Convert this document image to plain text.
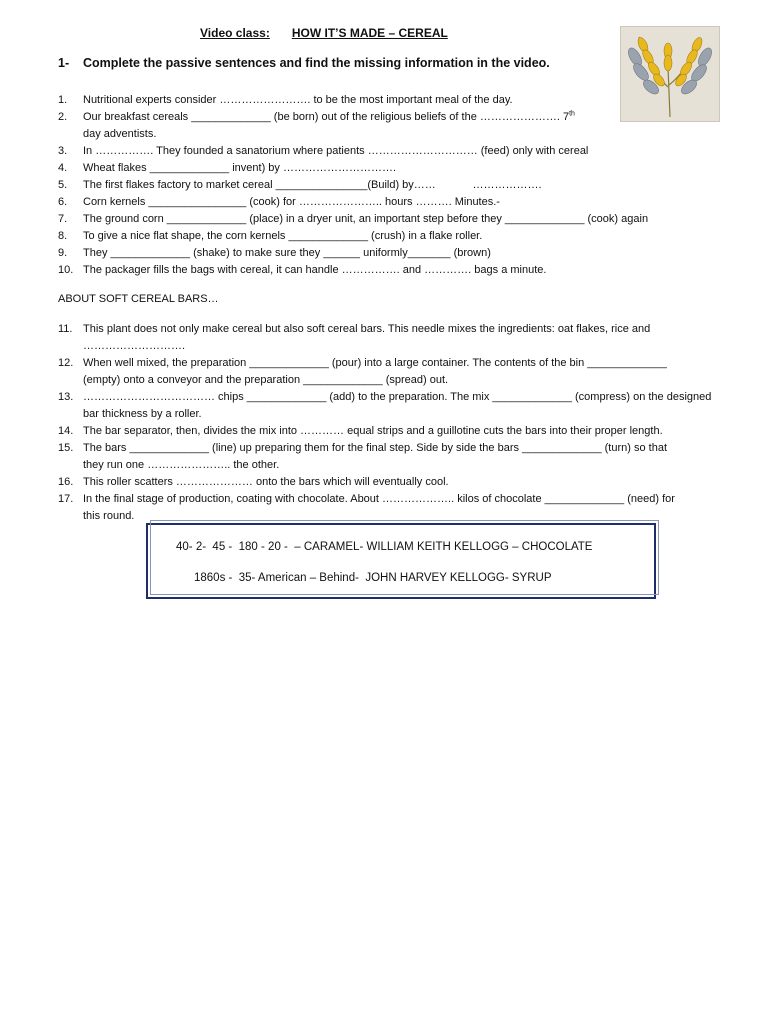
Video class: HOW IT’S MADE – CEREAL
1- Complete the passive sentences and find the missing information in the video.
1.	Nutritional experts consider ……………………. to be the most important meal of the day.
2.	Our breakfast cereals _____________ (be born) out of the religious beliefs of the …………………. 7th
day adventists.
3.	In ……………. They founded a sanatorium where patients ………………………… (feed) only with cereal
4.	Wheat flakes _____________ invent) by ………………………….
5.	The first flakes factory to market cereal _______________(Build) by……            ……………….
6.	Corn kernels ________________ (cook) for ………………….. hours ………. Minutes.-
7.	The ground corn _____________ (place) in a dryer unit, an important step before they _____________ (cook) again
8.	To give a nice flat shape, the corn kernels _____________ (crush) in a flake roller.
9.	They _____________ (shake) to make sure they ______ uniformly_______ (brown)
10. The packager fills the bags with cereal, it can handle ……………. and …………. bags a minute.
ABOUT SOFT CEREAL BARS…
11. This plant does not only make cereal but also soft cereal bars. This needle mixes the ingredients: oat flakes, rice and
……………………….
12. When well mixed, the preparation _____________ (pour) into a large container. The contents of the bin _____________
(empty) onto a conveyor and the preparation _____________ (spread) out.
13. ……………………………… chips _____________ (add) to the preparation. The mix _____________ (compress) on the designed
bar thickness by a roller.
14. The bar separator, then, divides the mix into ………… equal strips and a guillotine cuts the bars into their proper length.
15. The bars _____________ (line) up preparing them for the final step. Side by side the bars _____________ (turn) so that
they run one ………………….. the other.
16. This roller scatters ………………… onto the bars which will eventually cool.
17. In the final stage of production, coating with chocolate. About ……………….. kilos of chocolate _____________ (need) for
this round.
40- 2-  45 -  180 - 20 -  – CARAMEL- WILLIAM KEITH KELLOGG – CHOCOLATE
1860s -  35- American – Behind-  JOHN HARVEY KELLOGG- SYRUP
